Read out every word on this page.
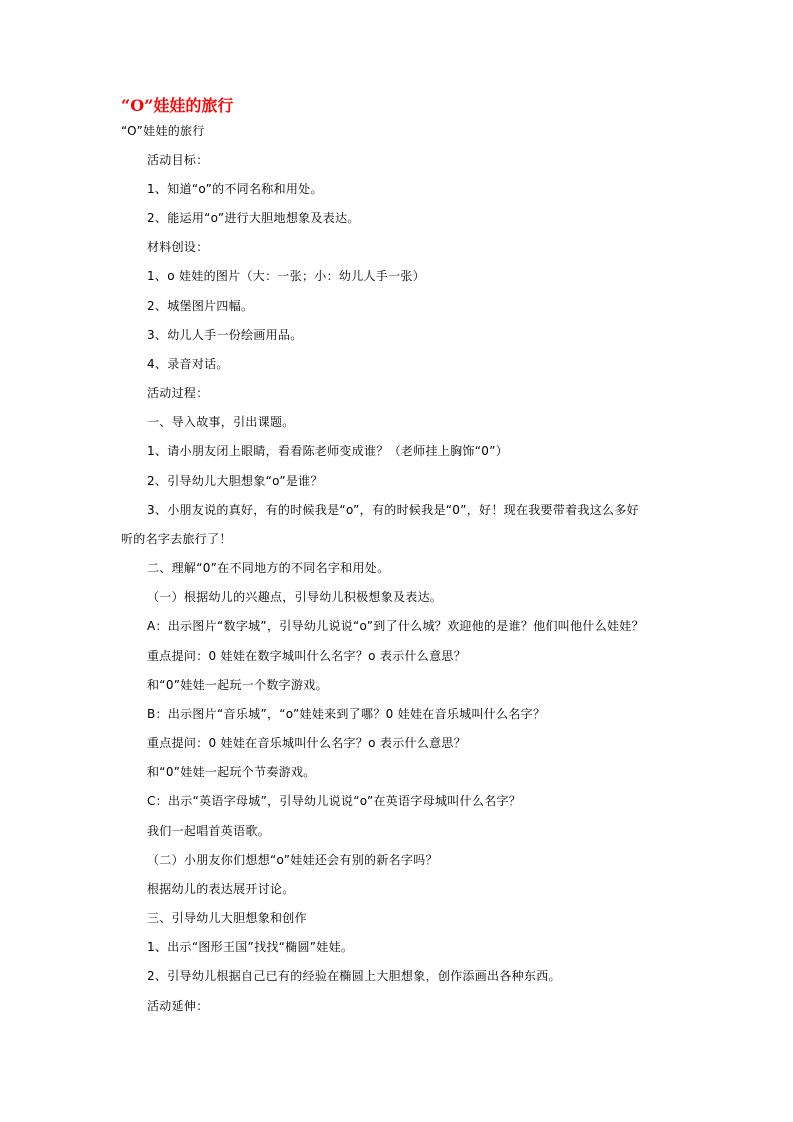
“O”娃娃的旅行
“O”娃娃的旅行
活动目标：
1、知道“o”的不同名称和用处。
2、能运用“o”进行大胆地想象及表达。
材料创设：
1、o 娃娃的图片（大：一张；小：幼儿人手一张）
2、城堡图片四幅。
3、幼儿人手一份绘画用品。
4、录音对话。
活动过程：
一、导入故事，引出课题。
1、请小朋友闭上眼睛，看看陈老师变成谁？（老师挂上胸饰“0”）
2、引导幼儿大胆想象“o”是谁？
3、小朋友说的真好，有的时候我是“o”，有的时候我是“0”，好！现在我要带着我这么多好
听的名字去旅行了！
二、理解“0”在不同地方的不同名字和用处。
（一）根据幼儿的兴趣点，引导幼儿积极想象及表达。
A：出示图片“数字城”，引导幼儿说说“o”到了什么城？欢迎他的是谁？他们叫他什么娃娃？
重点提问：0 娃娃在数字城叫什么名字？o 表示什么意思？
和“0”娃娃一起玩一个数字游戏。
B：出示图片“音乐城”，“o”娃娃来到了哪？0 娃娃在音乐城叫什么名字？
重点提问：0 娃娃在音乐城叫什么名字？o 表示什么意思？
和“0”娃娃一起玩个节奏游戏。
C：出示“英语字母城”，引导幼儿说说“o”在英语字母城叫什么名字？
我们一起唱首英语歌。
（二）小朋友你们想想“o”娃娃还会有别的新名字吗？
根据幼儿的表达展开讨论。
三、引导幼儿大胆想象和创作
1、出示“图形王国”找找“椭圆”娃娃。
2、引导幼儿根据自己已有的经验在椭圆上大胆想象，创作添画出各种东西。
活动延伸：
